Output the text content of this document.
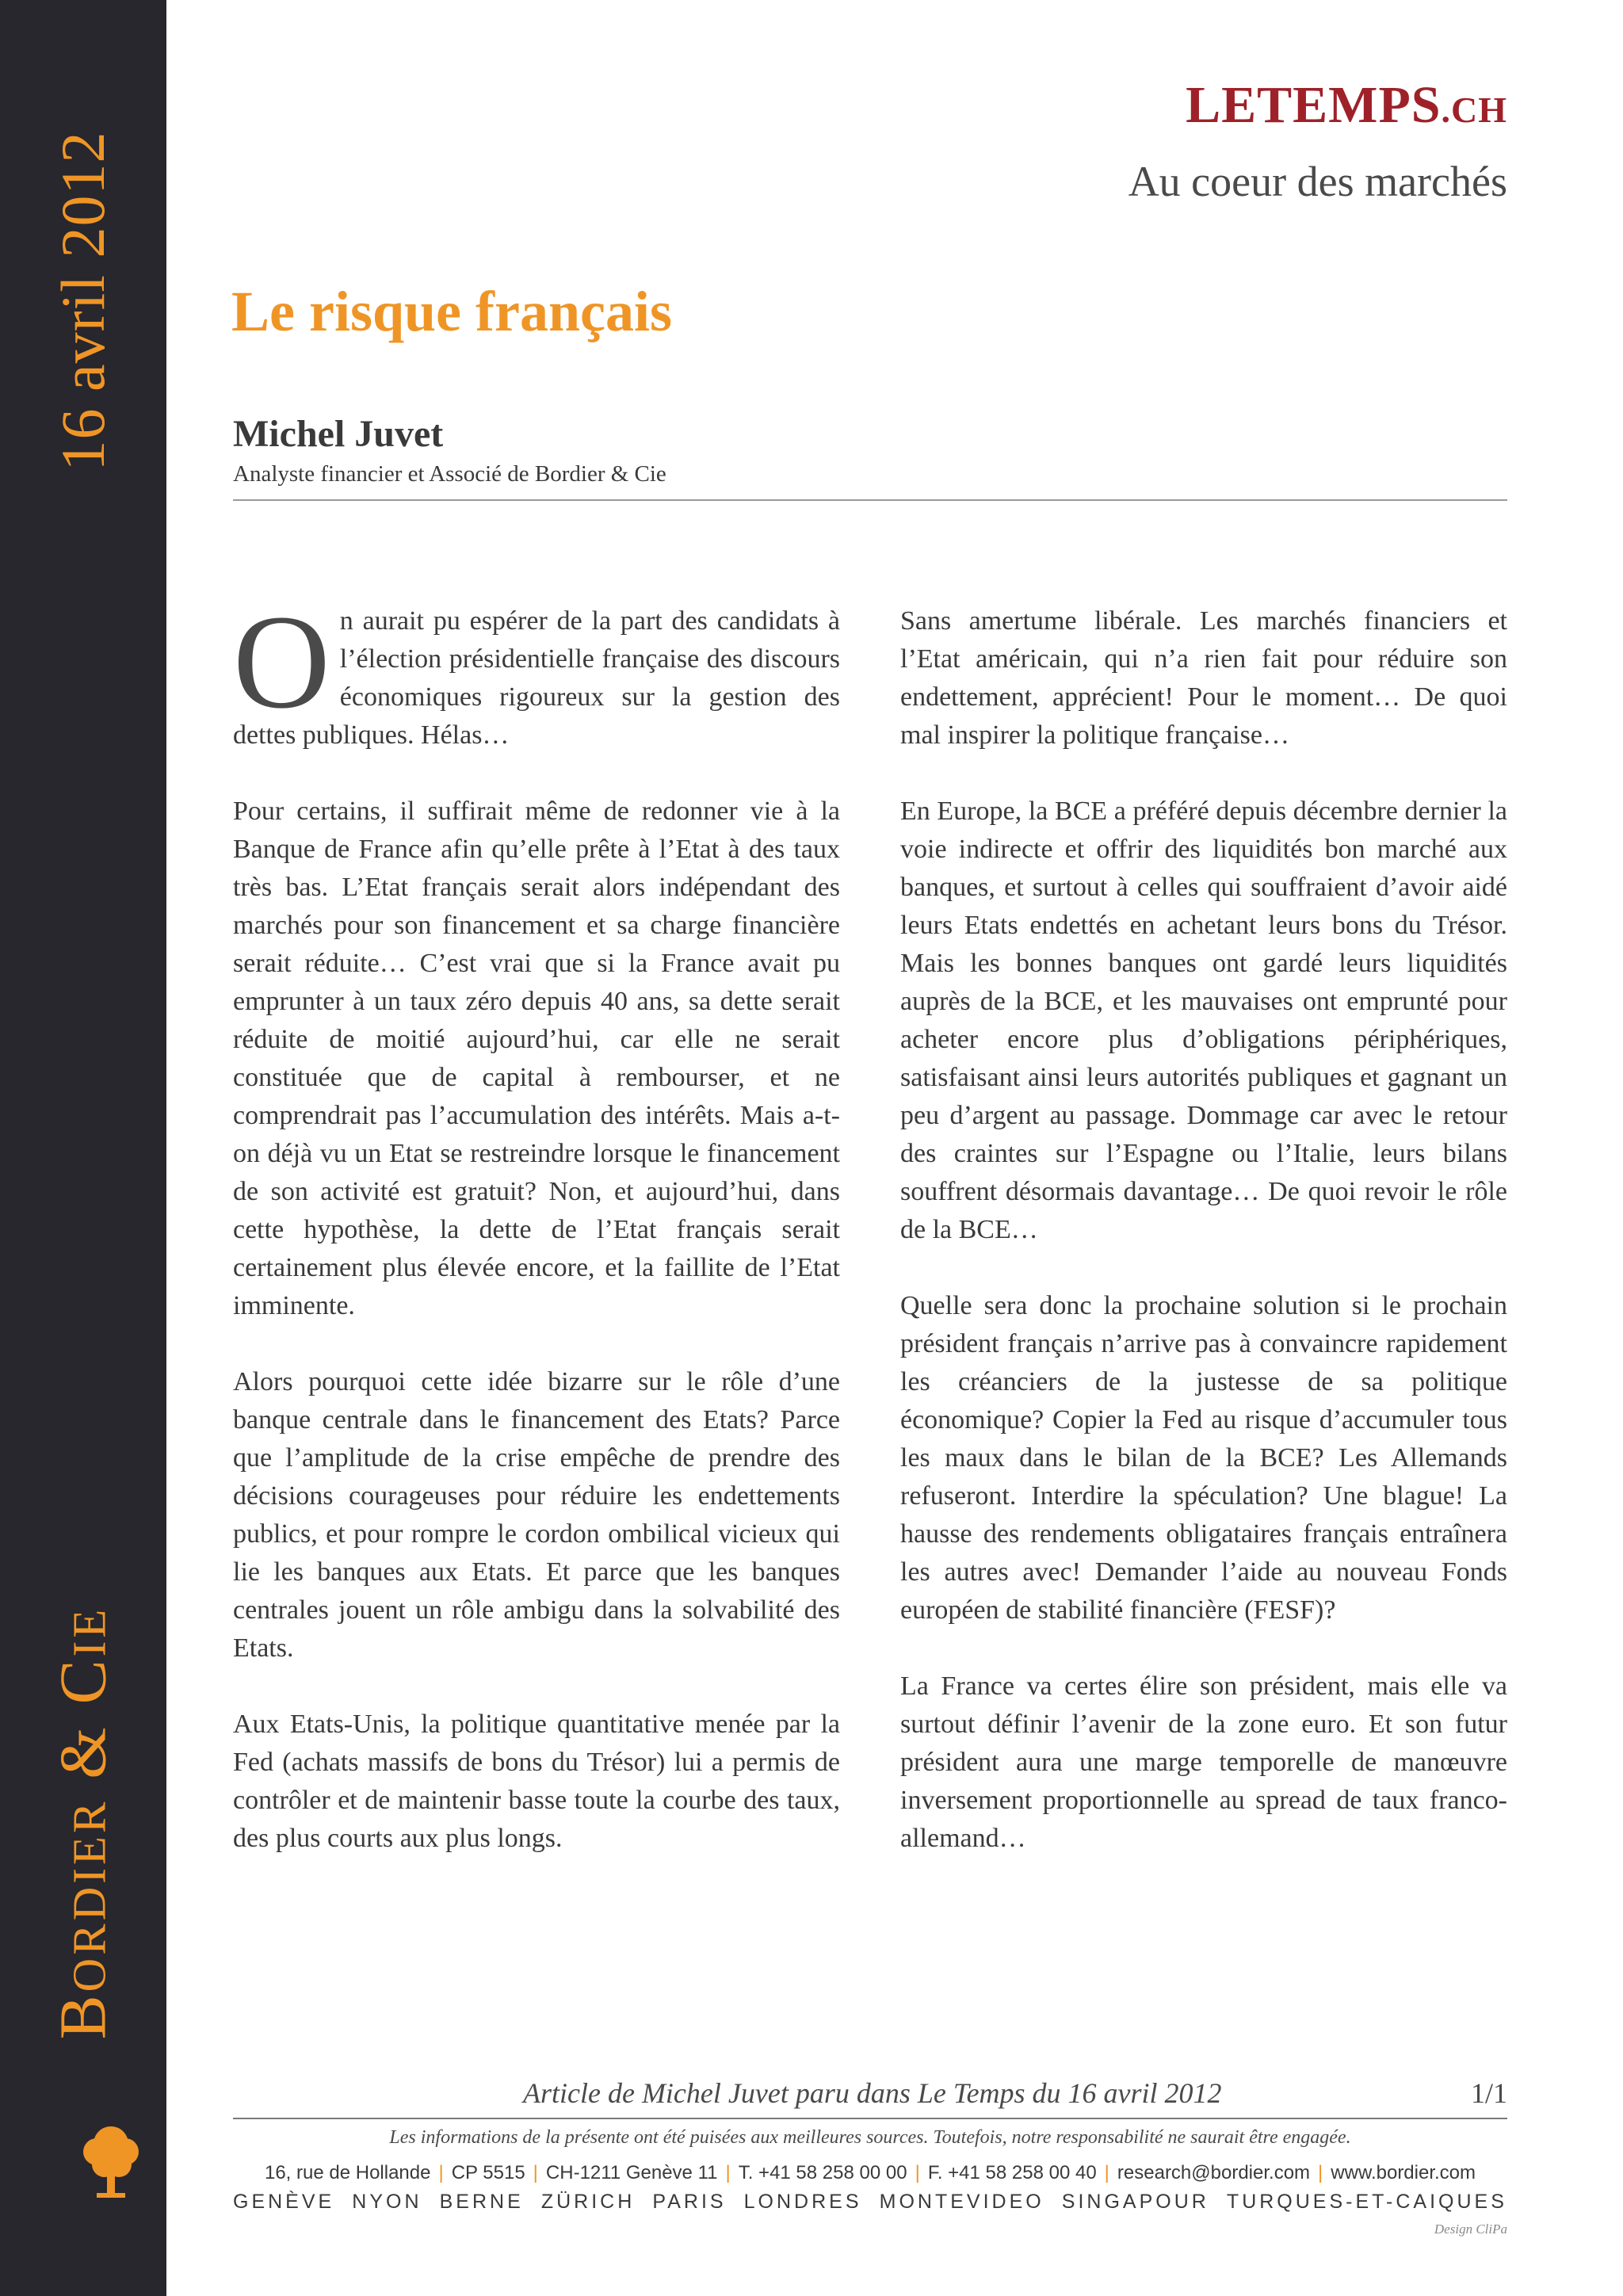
16 avril 2012
Bordier & Cie
LETEMPS.CH
Au coeur des marchés
Le risque français
Michel Juvet
Analyste financier et Associé de Bordier & Cie

On aurait pu espérer de la part des candidats à l’élection présidentielle française des discours économiques rigoureux sur la gestion des dettes publiques. Hélas…

Pour certains, il suffirait même de redonner vie à la Banque de France afin qu’elle prête à l’Etat à des taux très bas. L’Etat français serait alors indépendant des marchés pour son financement et sa charge financière serait réduite… C’est vrai que si la France avait pu emprunter à un taux zéro depuis 40 ans, sa dette serait réduite de moitié aujourd’hui, car elle ne serait constituée que de capital à rembourser, et ne comprendrait pas l’accumulation des intérêts. Mais a-t-on déjà vu un Etat se restreindre lorsque le financement de son activité est gratuit? Non, et aujourd’hui, dans cette hypothèse, la dette de l’Etat français serait certainement plus élevée encore, et la faillite de l’Etat imminente.

Alors pourquoi cette idée bizarre sur le rôle d’une banque centrale dans le financement des Etats? Parce que l’amplitude de la crise empêche de prendre des décisions courageuses pour réduire les endettements publics, et pour rompre le cordon ombilical vicieux qui lie les banques aux Etats. Et parce que les banques centrales jouent un rôle ambigu dans la solvabilité des Etats.

Aux Etats-Unis, la politique quantitative menée par la Fed (achats massifs de bons du Trésor) lui a permis de contrôler et de maintenir basse toute la courbe des taux, des plus courts aux plus longs.

Sans amertume libérale. Les marchés financiers et l’Etat américain, qui n’a rien fait pour réduire son endettement, apprécient! Pour le moment… De quoi mal inspirer la politique française…

En Europe, la BCE a préféré depuis décembre dernier la voie indirecte et offrir des liquidités bon marché aux banques, et surtout à celles qui souffraient d’avoir aidé leurs Etats endettés en achetant leurs bons du Trésor. Mais les bonnes banques ont gardé leurs liquidités auprès de la BCE, et les mauvaises ont emprunté pour acheter encore plus d’obligations périphériques, satisfaisant ainsi leurs autorités publiques et gagnant un peu d’argent au passage. Dommage car avec le retour des craintes sur l’Espagne ou l’Italie, leurs bilans souffrent désormais davantage… De quoi revoir le rôle de la BCE…

Quelle sera donc la prochaine solution si le prochain président français n’arrive pas à convaincre rapidement les créanciers de la justesse de sa politique économique? Copier la Fed au risque d’accumuler tous les maux dans le bilan de la BCE? Les Allemands refuseront. Interdire la spéculation? Une blague! La hausse des rendements obligataires français entraînera les autres avec! Demander l’aide au nouveau Fonds européen de stabilité financière (FESF)?

La France va certes élire son président, mais elle va surtout définir l’avenir de la zone euro. Et son futur président aura une marge temporelle de manœuvre inversement proportionnelle au spread de taux franco-allemand…

Article de Michel Juvet paru dans Le Temps du 16 avril 2012	1/1
Les informations de la présente ont été puisées aux meilleures sources. Toutefois, notre responsabilité ne saurait être engagée.
16, rue de Hollande | CP 5515 | CH-1211 Genève 11 | T. +41 58 258 00 00 | F. +41 58 258 00 40 | research@bordier.com | www.bordier.com
GENÈVE NYON BERNE ZÜRICH PARIS LONDRES MONTEVIDEO SINGAPOUR TURQUES-ET-CAIQUES
Design CliPa
